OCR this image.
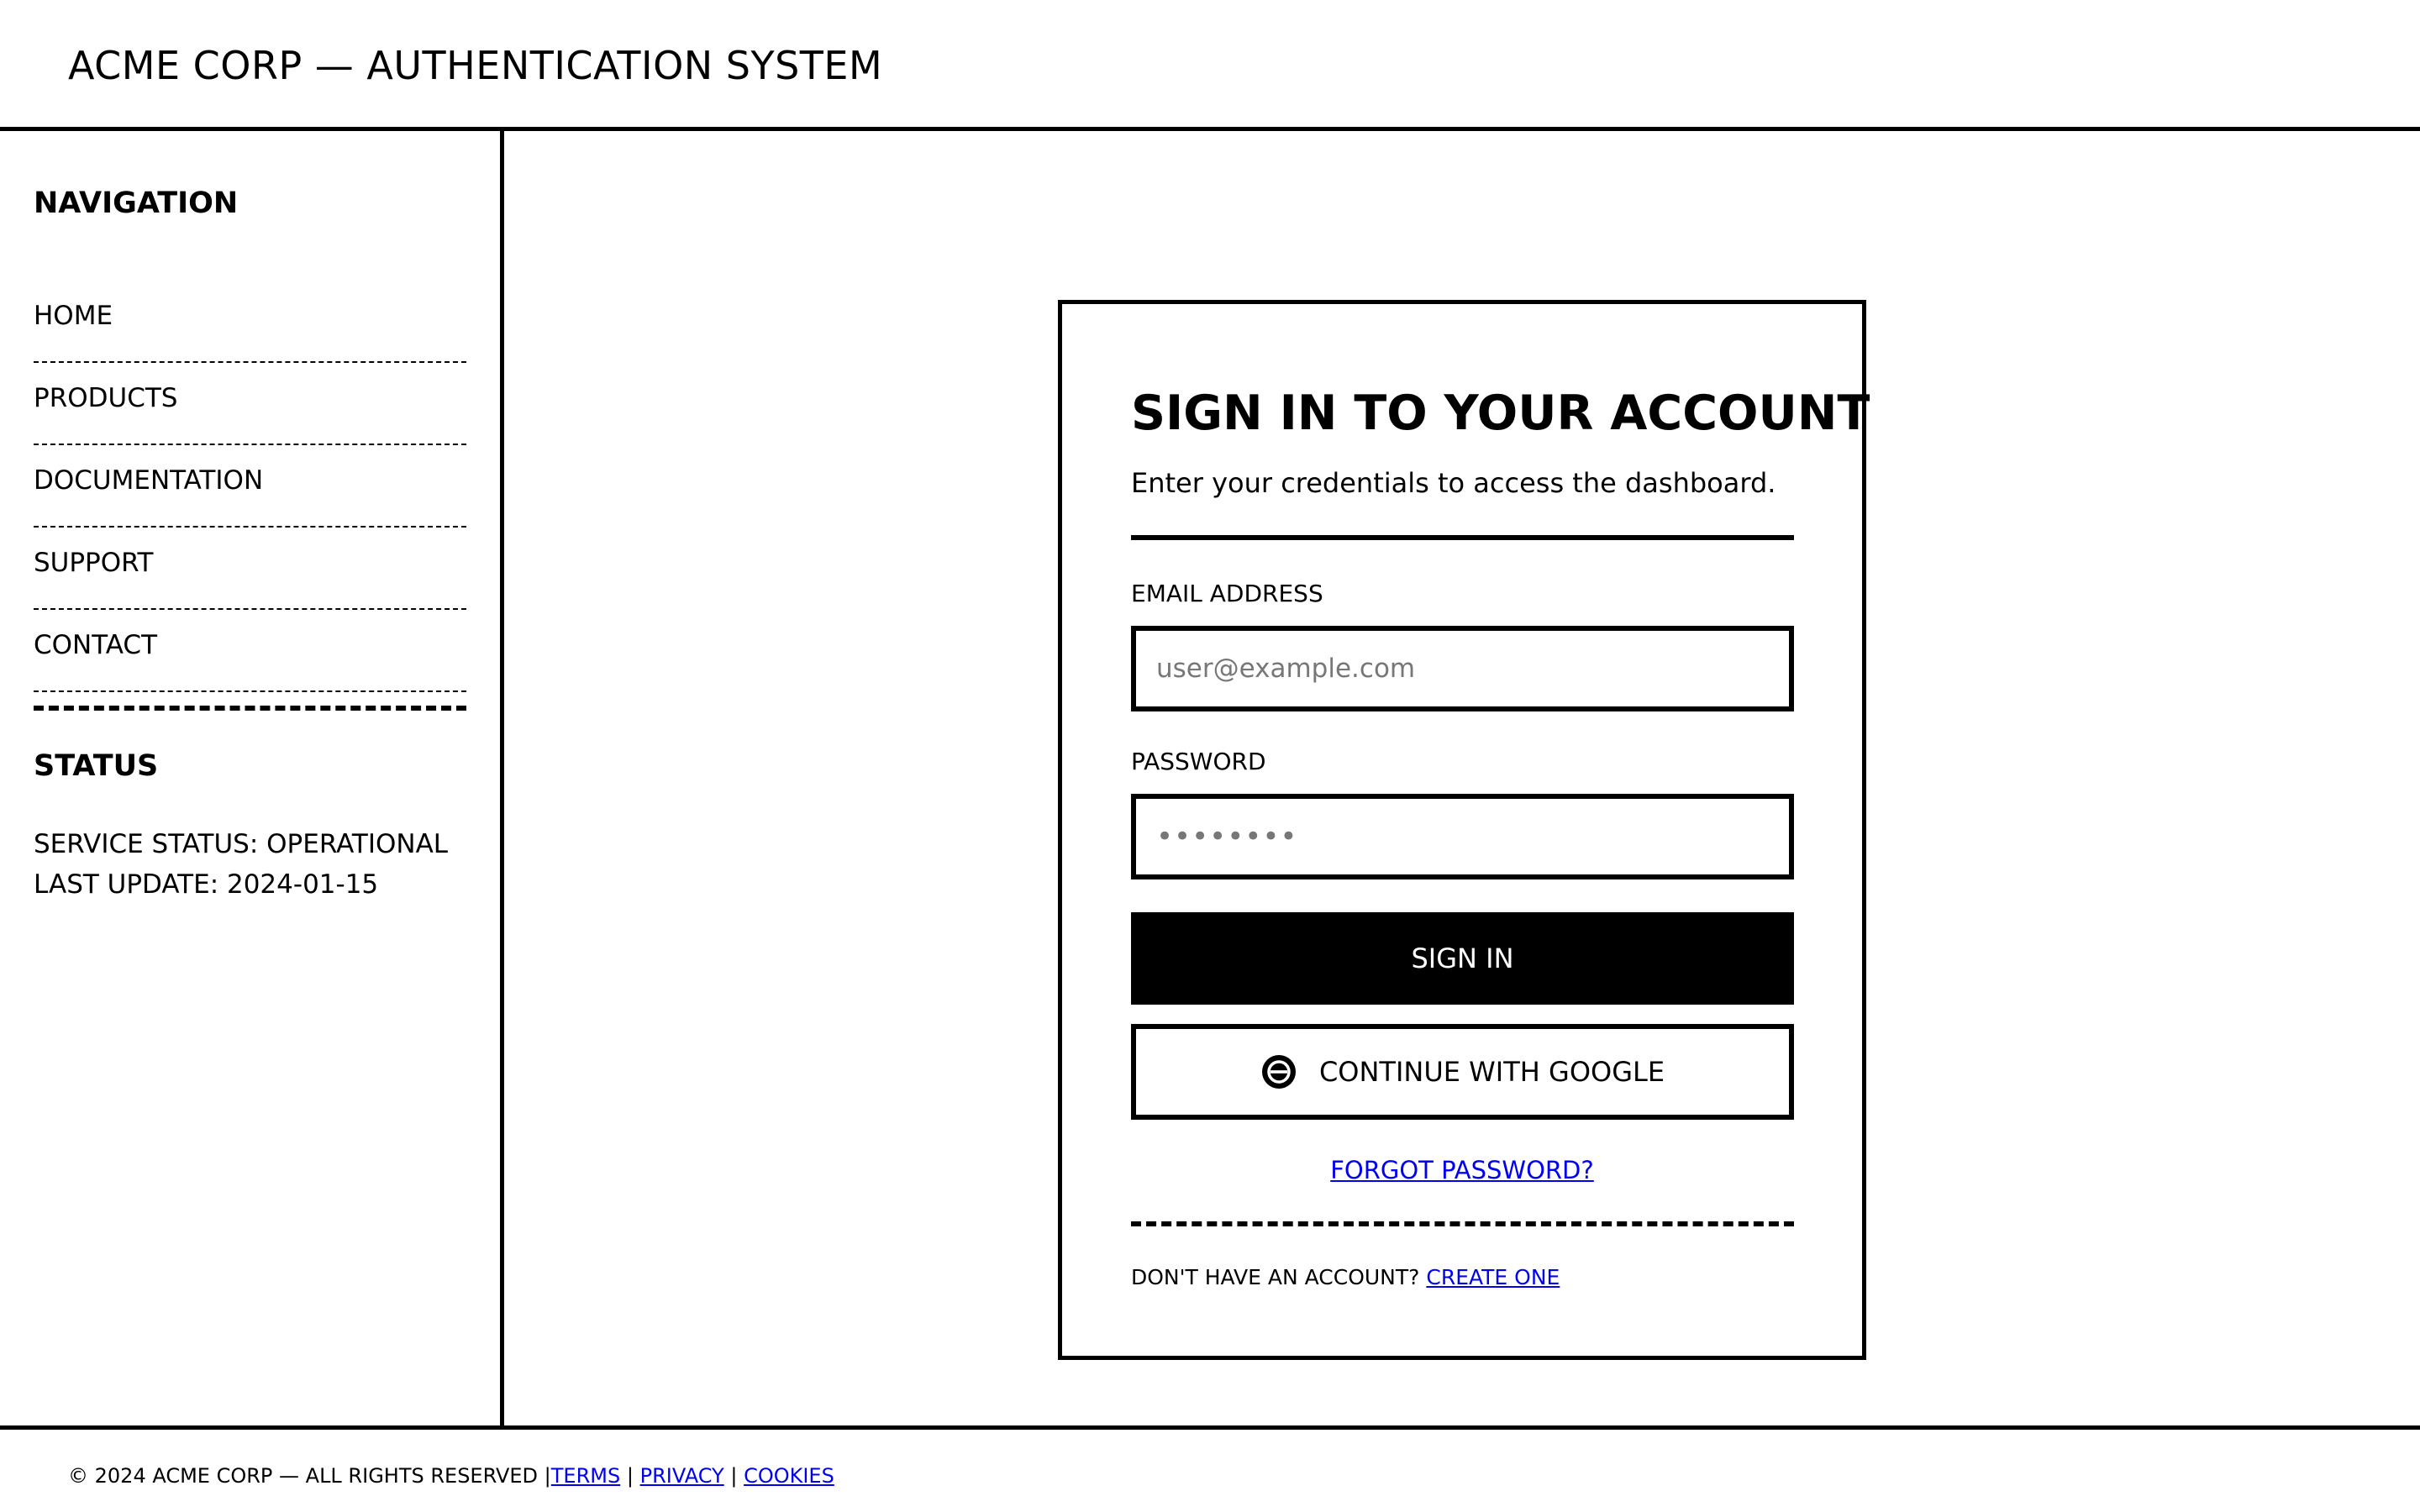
ACME CORP — AUTHENTICATION SYSTEM
NAVIGATION
HOME
PRODUCTS
DOCUMENTATION
SUPPORT
CONTACT
STATUS
SERVICE STATUS: OPERATIONAL
LAST UPDATE: 2024-01-15
SIGN IN TO YOUR ACCOUNT

Enter your credentials to access the dashboard.

EMAIL ADDRESS
user@example.com
PASSWORD
SIGN IN
CONTINUE WITH GOOGLE
FORGOT PASSWORD?
DON'T HAVE AN ACCOUNT? CREATE ONE
© 2024 ACME CORP — ALL RIGHTS RESERVED |TERMS | PRIVACY | COOKIES
